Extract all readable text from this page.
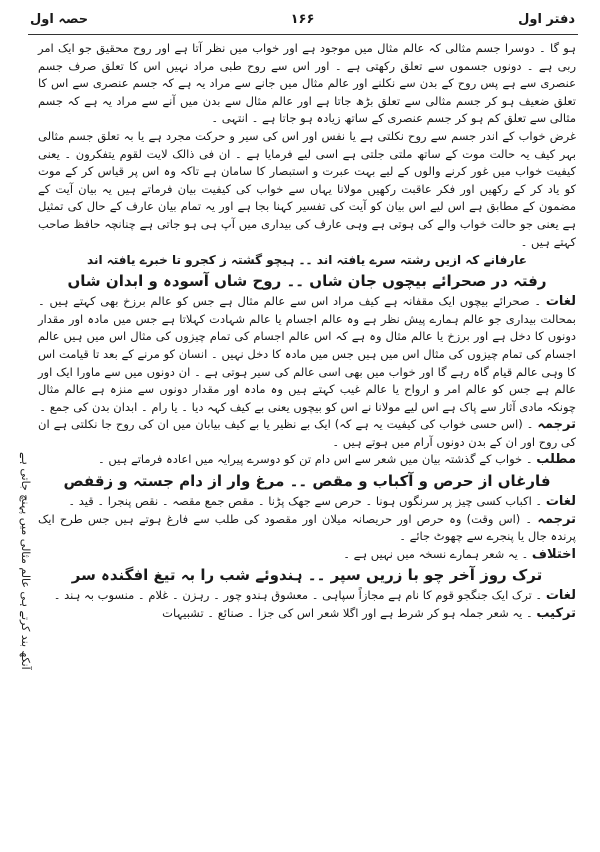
حصہ اول	۱۶۶	دفتر اول
آنکھ بند کرتے ہی عالم مثالی میں پہنچ جاتی ہے

ہو گا ۔ دوسرا جسم مثالی کہ عالم مثال میں موجود ہے اور خواب میں نظر آتا ہے اور روح محقیق جو ایک امر ربی ہے ۔ دونوں جسموں سے تعلق رکھتی ہے ۔ اور اس سے روح طبی مراد نہیں اس کا تعلق صرف جسم عنصری سے ہے پس روح کے بدن سے نکلنے اور عالم مثال میں جانے سے مراد یہ ہے کہ جسم عنصری سے اس کا تعلق ضعیف ہو کر جسم مثالی سے تعلق بڑھ جاتا ہے اور عالم مثال سے بدن میں آنے سے مراد یہ ہے کہ جسم مثالی سے تعلق کم ہو کر جسم عنصری کے ساتھ زیادہ ہو جاتا ہے ۔ انتہی ۔

غرض خواب کے اندر جسم سے روح نکلتی ہے یا نفس اور اس کی سیر و حرکت مجرد ہے یا بہ تعلق جسم مثالی بہر کیف یہ حالت موت کے ساتھ ملتی جلتی ہے اسی لیے فرمایا ہے ۔ ان فی ذالک لایت لقوم یتفکرون ۔ یعنی کیفیت خواب میں غور کرنے والوں کے لیے بہت عبرت و استبصار کا سامان ہے تاکہ وہ اس پر قیاس کر کے موت کو یاد کر کے رکھیں اور فکر عاقبت رکھیں مولانا یہاں سے خواب کی کیفیت بیان فرماتے ہیں یہ بیان آیت کے مضمون کے مطابق ہے اس لیے اس بیان کو آیت کی تفسیر کہنا بجا ہے اور یہ تمام بیان عارف کے حال کی تمثیل ہے یعنی جو حالت خواب والے کی ہوتی ہے وہی عارف کی بیداری میں آپ ہی ہو جاتی ہے چنانچہ حافظ صاحب کہتے ہیں ۔

عارفانے کہ ازیں رشتہ سرے یافتہ اند ۔۔ ہیچو گشتہ ز کجرو تا خبرے یافتہ اند

رفتہ در صحرائے بیچوں جان شاں ۔۔ روح شاں آسودہ و ابدان شاں

لغات ۔ صحرائے بیچوں ایک مقفانہ ہے کیف مراد اس سے عالم مثال ہے جس کو عالم برزخ بھی کہتے ہیں ۔ بمحالت بیداری جو عالم ہمارے پیش نظر ہے وہ عالم اجسام یا عالم شہادت کہلاتا ہے جس میں مادہ اور مقدار دونوں کا دخل ہے اور برزخ یا عالم مثال وہ ہے کہ اس عالم اجسام کی تمام چیزوں کی مثال اس میں ہیں عالم اجسام کی تمام چیزوں کی مثال اس میں ہیں جس میں مادہ کا دخل نہیں ۔ انسان کو مرنے کے بعد تا قیامت اس کا وہی عالم قیام گاہ رہے گا اور خواب میں بھی اسی عالم کی سیر ہوتی ہے ۔ ان دونوں میں سے ماورا ایک اور عالم ہے جس کو عالم امر و ارواح یا عالم غیب کہتے ہیں وہ مادہ اور مقدار دونوں سے منزہ ہے عالم مثال چونکہ مادی آثار سے پاک ہے اس لیے مولانا نے اس کو بیچوں یعنی بے کیف کہہ دیا ۔ یا رام ۔ ابدان بدن کی جمع ۔

ترجمہ ۔ (اس حسی خواب کی کیفیت یہ ہے کہ) ایک بے نظیر یا بے کیف بیابان میں ان کی روح جا نکلتی ہے ان کی روح اور ان کے بدن دونوں آرام میں ہوتے ہیں ۔

مطلب ۔ خواب کے گذشتہ بیان میں شعر سے اس دام تن کو دوسرے پیرایہ میں اعادہ فرماتے ہیں ۔

فارغاں از حرص و آکباب و مقص ۔۔ مرغ وار از دام جستہ و زقفص

لغات ۔ اکباب کسی چیز پر سرنگوں ہونا ۔ حرص سے جھک پڑنا ۔ مقص جمع مقصہ ۔ نقص پنجرا ۔ قید ۔

ترجمہ ۔ (اس وقت) وہ حرص اور حریصانہ میلان اور مقصود کی طلب سے فارغ ہوتے ہیں جس طرح ایک پرندہ جال یا پنجرے سے چھوٹ جائے ۔

اختلاف ۔ یہ شعر ہمارے نسخہ میں نہیں ہے ۔

ترک روز آخر چو با زریں سپر ۔۔ ہندوئے شب را بہ تیغ افگندہ سر

لغات ۔ ترک ایک جنگجو قوم کا نام ہے مجازاً سپاہی ۔ معشوق ہندو چور ۔ رہزن ۔ غلام ۔ منسوب بہ ہند ۔

ترکیب ۔ یہ شعر جملہ ہو کر شرط ہے اور اگلا شعر اس کی جزا ۔ صنائع ۔ تشبیہات
